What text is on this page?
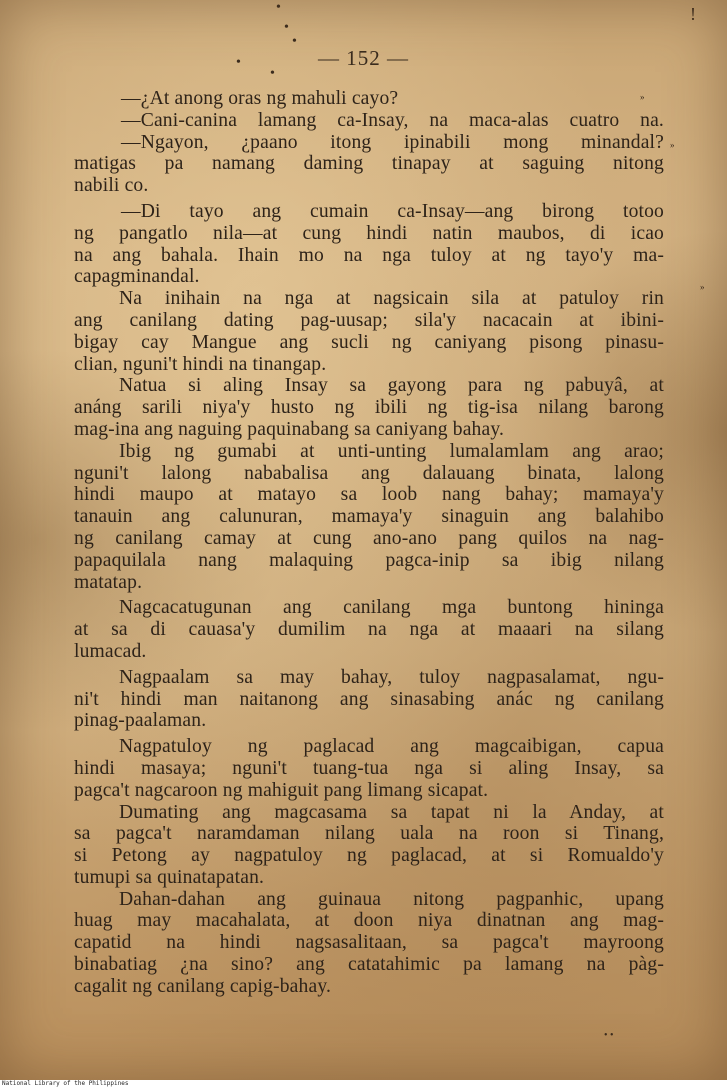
•
•
•
•
•
!
»
»
»
• •
— 152 —
—¿At anong oras ng mahuli cayo?
—Cani-canina lamang ca-Insay, na maca-alas cuatro na.
—Ngayon, ¿paano itong ipinabili mong minandal?
matigas pa namang daming tinapay at saguing nitong
nabili co.
—Di tayo ang cumain ca-Insay—ang birong totoo
ng pangatlo nila—at cung hindi natin maubos, di icao
na ang bahala. Ihain mo na nga tuloy at ng tayo'y ma-
capagminandal.
Na inihain na nga at nagsicain sila at patuloy rin
ang canilang dating pag-uusap; sila'y nacacain at ibini-
bigay cay Mangue ang sucli ng caniyang pisong pinasu-
clian, nguni't hindi na tinangap.
Natua si aling Insay sa gayong para ng pabuyâ, at
anáng sarili niya'y husto ng ibili ng tig-isa nilang barong
mag-ina ang naguing paquinabang sa caniyang bahay.
Ibig ng gumabi at unti-unting lumalamlam ang arao;
nguni't lalong nababalisa ang dalauang binata, lalong
hindi maupo at matayo sa loob nang bahay; mamaya'y
tanauin ang calunuran, mamaya'y sinaguin ang balahibo
ng canilang camay at cung ano-ano pang quilos na nag-
papaquilala nang malaquing pagca-inip sa ibig nilang
matatap.
Nagcacatugunan ang canilang mga buntong hininga
at sa di cauasa'y dumilim na nga at maaari na silang
lumacad.
Nagpaalam sa may bahay, tuloy nagpasalamat, ngu-
ni't hindi man naitanong ang sinasabing anác ng canilang
pinag-paalaman.
Nagpatuloy ng paglacad ang magcaibigan, capua
hindi masaya; nguni't tuang-tua nga si aling Insay, sa
pagca't nagcaroon ng mahiguit pang limang sicapat.
Dumating ang magcasama sa tapat ni la Anday, at
sa pagca't naramdaman nilang uala na roon si Tinang,
si Petong ay nagpatuloy ng paglacad, at si Romualdo'y
tumupi sa quinatapatan.
Dahan-dahan ang guinaua nitong pagpanhic, upang
huag may macahalata, at doon niya dinatnan ang mag-
capatid na hindi nagsasalitaan, sa pagca't mayroong
binabatiag ¿na sino? ang catatahimic pa lamang na pàg-
cagalit ng canilang capig-bahay.
National Library of the Philippines
